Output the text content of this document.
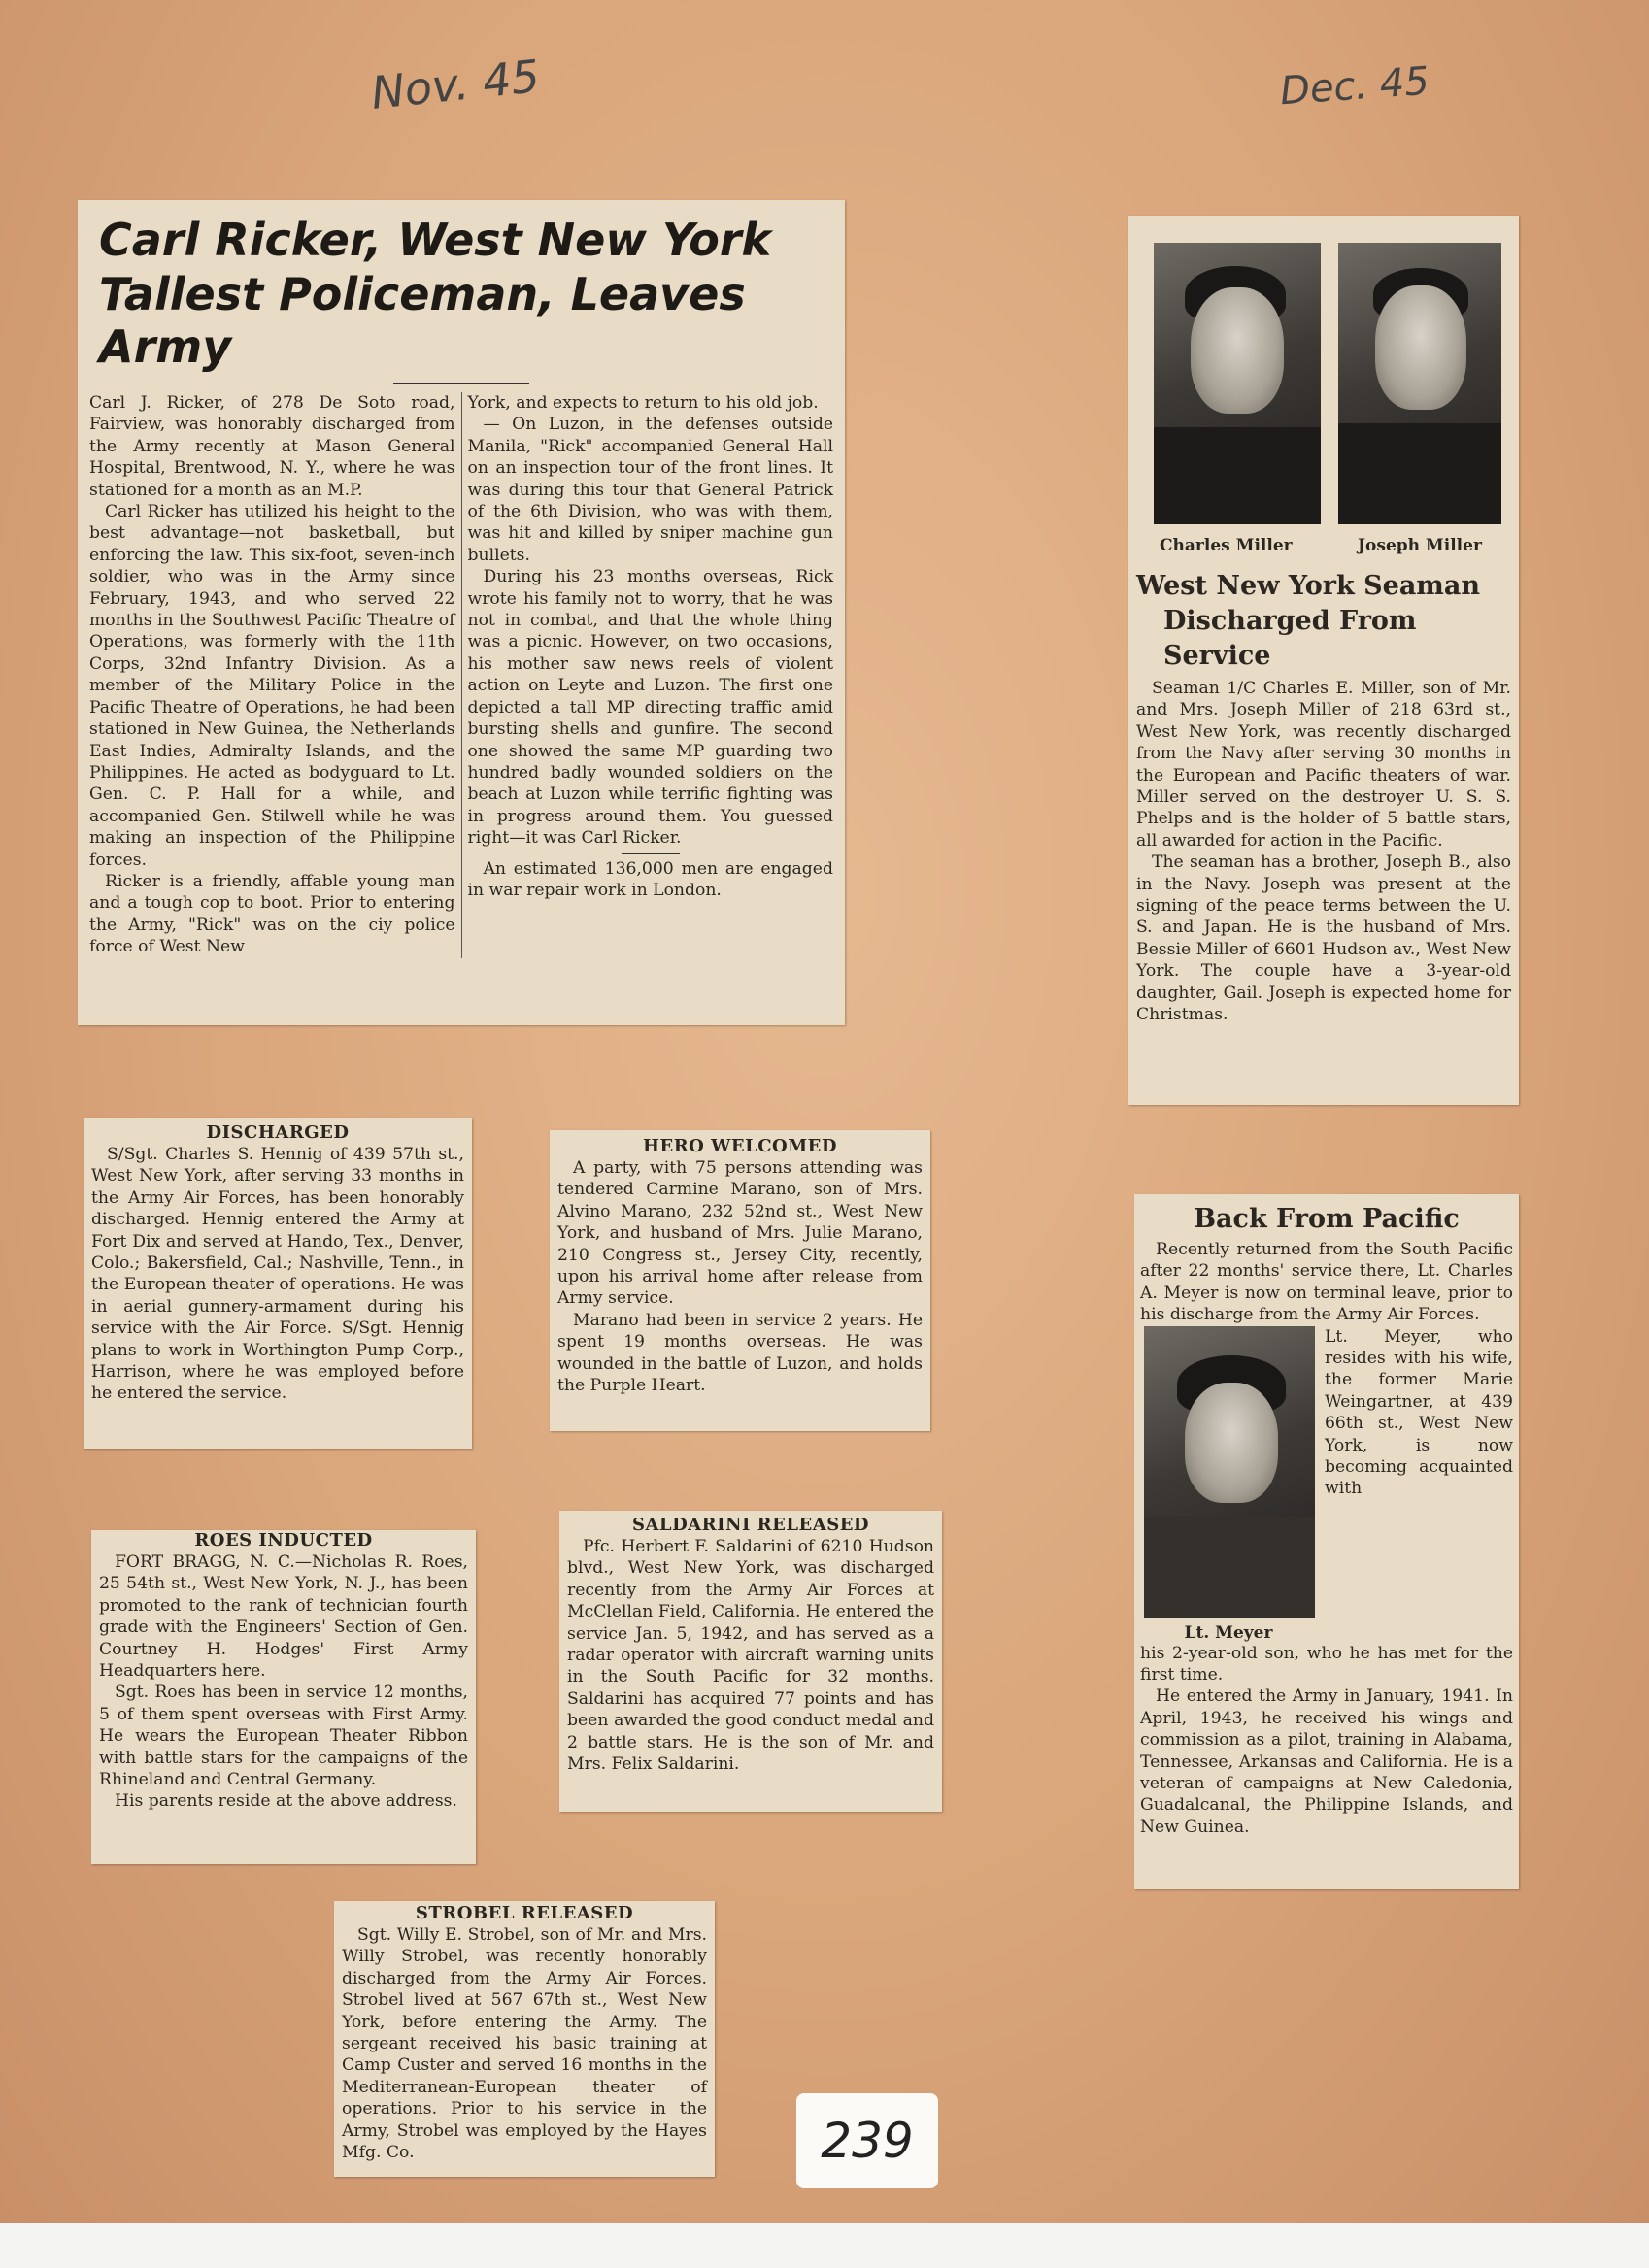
Nov. 45	Dec. 45
Carl Ricker, West New York
Tallest Policeman, Leaves Army

Carl J. Ricker, of 278 De Soto road, Fairview, was honorably discharged from the Army recently at Mason General Hospital, Brentwood, N. Y., where he was stationed for a month as an M.P.

Carl Ricker has utilized his height to the best advantage—not basketball, but enforcing the law. This six-foot, seven-inch soldier, who was in the Army since February, 1943, and who served 22 months in the Southwest Pacific Theatre of Operations, was formerly with the 11th Corps, 32nd Infantry Division. As a member of the Military Police in the Pacific Theatre of Operations, he had been stationed in New Guinea, the Netherlands East Indies, Admiralty Islands, and the Philippines. He acted as bodyguard to Lt. Gen. C. P. Hall for a while, and accompanied Gen. Stilwell while he was making an inspection of the Philippine forces.

Ricker is a friendly, affable young man and a tough cop to boot. Prior to entering the Army, "Rick" was on the ciy police force of West New

York, and expects to return to his old job.

— On Luzon, in the defenses outside Manila, "Rick" accompanied General Hall on an inspection tour of the front lines. It was during this tour that General Patrick of the 6th Division, who was with them, was hit and killed by sniper machine gun bullets.

During his 23 months overseas, Rick wrote his family not to worry, that he was not in combat, and that the whole thing was a picnic. However, on two occasions, his mother saw news reels of violent action on Leyte and Luzon. The first one depicted a tall MP directing traffic amid bursting shells and gunfire. The second one showed the same MP guarding two hundred badly wounded soldiers on the beach at Luzon while terrific fighting was in progress around them. You guessed right—it was Carl Ricker.

An estimated 136,000 men are engaged in war repair work in London.

Charles Miller	Joseph Miller
West New York Seaman
Discharged From Service

Seaman 1/C Charles E. Miller, son of Mr. and Mrs. Joseph Miller of 218 63rd st., West New York, was recently discharged from the Navy after serving 30 months in the European and Pacific theaters of war. Miller served on the destroyer U. S. S. Phelps and is the holder of 5 battle stars, all awarded for action in the Pacific.

The seaman has a brother, Joseph B., also in the Navy. Joseph was present at the signing of the peace terms between the U. S. and Japan. He is the husband of Mrs. Bessie Miller of 6601 Hudson av., West New York. The couple have a 3-year-old daughter, Gail. Joseph is expected home for Christmas.

DISCHARGED

S/Sgt. Charles S. Hennig of 439 57th st., West New York, after serving 33 months in the Army Air Forces, has been honorably discharged. Hennig entered the Army at Fort Dix and served at Hando, Tex., Denver, Colo.; Bakersfield, Cal.; Nashville, Tenn., in the European theater of operations. He was in aerial gunnery-armament during his service with the Air Force. S/Sgt. Hennig plans to work in Worthington Pump Corp., Harrison, where he was employed before he entered the service.

HERO WELCOMED

A party, with 75 persons attending was tendered Carmine Marano, son of Mrs. Alvino Marano, 232 52nd st., West New York, and husband of Mrs. Julie Marano, 210 Congress st., Jersey City, recently, upon his arrival home after release from Army service.

Marano had been in service 2 years. He spent 19 months overseas. He was wounded in the battle of Luzon, and holds the Purple Heart.

Back From Pacific

Recently returned from the South Pacific after 22 months' service there, Lt. Charles A. Meyer is now on terminal leave, prior to his discharge from the Army Air Forces.

Lt. Meyer

Lt. Meyer, who resides with his wife, the former Marie Weingartner, at 439 66th st., West New York, is now becoming acquainted with

his 2-year-old son, who he has met for the first time.

He entered the Army in January, 1941. In April, 1943, he received his wings and commission as a pilot, training in Alabama, Tennessee, Arkansas and California. He is a veteran of campaigns at New Caledonia, Guadalcanal, the Philippine Islands, and New Guinea.

ROES INDUCTED

FORT BRAGG, N. C.—Nicholas R. Roes, 25 54th st., West New York, N. J., has been promoted to the rank of technician fourth grade with the Engineers' Section of Gen. Courtney H. Hodges' First Army Headquarters here.

Sgt. Roes has been in service 12 months, 5 of them spent overseas with First Army. He wears the European Theater Ribbon with battle stars for the campaigns of the Rhineland and Central Germany.

His parents reside at the above address.

SALDARINI RELEASED

Pfc. Herbert F. Saldarini of 6210 Hudson blvd., West New York, was discharged recently from the Army Air Forces at McClellan Field, California. He entered the service Jan. 5, 1942, and has served as a radar operator with aircraft warning units in the South Pacific for 32 months. Saldarini has acquired 77 points and has been awarded the good conduct medal and 2 battle stars. He is the son of Mr. and Mrs. Felix Saldarini.

STROBEL RELEASED

Sgt. Willy E. Strobel, son of Mr. and Mrs. Willy Strobel, was recently honorably discharged from the Army Air Forces. Strobel lived at 567 67th st., West New York, before entering the Army. The sergeant received his basic training at Camp Custer and served 16 months in the Mediterranean-European theater of operations. Prior to his service in the Army, Strobel was employed by the Hayes Mfg. Co.	239
